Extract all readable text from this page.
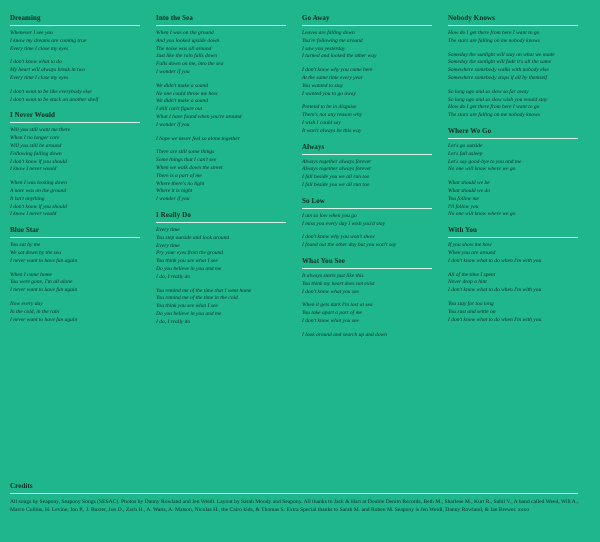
Dreaming
Whenever I see you
I know my dreams are coming true
Every time I close my eyes
I don't know what to do
My heart will always break in two
Every time I close my eyes
I don't want to be like everybody else
I don't want to be stuck on another shelf
I Never Would
Will you still want me there
When I no longer care
Will you still be around
Following falling down
I don't know if you should
I know I never would
When I was looking down
A note was on the ground
It isn't anything
I don't know if you should
I know I never would
Blue Star
You sat by me
We sat down by the sea
I never want to have fun again
When I came home
You were gone, I'm all alone
I never want to have fun again
Now every day
In the cold, in the rain
I never want to have fun again
Into the Sea
When I was on the ground
And you looked upside down
The noise was all around
Just like the rain falls down
Falls down on me, into the sea
I wonder if you
We didn't make a sound
No one could throw me how
We didn't make a sound
I still can't figure out
What I have found when you're around
I wonder if you
I hope we never feel so alone together
There are still some things
Some things that I can't see
When we walk down the street
There is a part of me
Where there's no light
Where it is night
I wonder if you
I Really Do
Every time
You step outside and look around
Every time
Pry your eyes from the ground
You think you see what I see
Do you believe in you and me
I do, I really do
You remind me of the time that I went home
You remind me of the time in the cold
You think you see what I see
Do you believe in you and me
I do, I really do
Go Away
Leaves are falling down
You're following me around
I saw you yesterday
I turned and looked the other way
I don't know why you came here
At the same time every year
You wanted to stay
I wanted you to go away
Pretend to be in disguise
There's not any reason why
I wish I could say
It won't always be this way
Always
Always together always forever
Always together always forever
I fall beside you we all run too
I fall beside you we all run too
So Low
I am so low when you go
I miss you every day I wish you'd stay
I don't know why you won't show
I found out the other day but you won't say
What You See
It always starts just like this
You think my heart does not exist
I don't know what you see
When it gets dark I'm lost at sea
You take apart a part of me
I don't know what you see
I look around and search up and down
Nobody Knows
How do I get there from here I want to go
The stars are falling on me nobody knows
Someday the sunlight will stay on what we made
Someday the sunlight will fade it's all the same
Somewhere somebody walks with nobody else
Somewhere somebody stops if all by themself
So long ago and so slow so far away
So long ago and so slow wish you would stay
How do I get there from here I want to go
The stars are falling on me nobody knows
Where We Go
Let's go outside
Let's fall asleep
Let's say good-bye to you and me
No one will know where we go
What should we be
What should we do
You follow me
I'll follow you
No one will know where we go
With You
If you show me how
When you are around
I don't know what to do when I'm with you
All of the time I spent
Never drop a hint
I don't know what to do when I'm with you
You stay for too long
You rust and settle on
I don't know what to do when I'm with you
Credits
All songs by Seapony, Seapony Songs (SESAC). Photos by Danny Rowland and Jen Weidl. Layout by Sarah Moody and Seapony. All thanks to Jack & Hari at Double Denim Records, Beth M., Sharlese M., Kurt R., Sabil V., A band called Weed, Will A., Marco Collins, H. Levine, Jon P., J. Baxter, Jon D., Zach H., A. Watts, A. Matson, Nicolas H., the Cairo kids, & Thomas S. Extra Special thanks to Sarah M. and Ruben M. Seapony is Jen Weidl, Danny Rowland, & Ian Brewer. xoxo
